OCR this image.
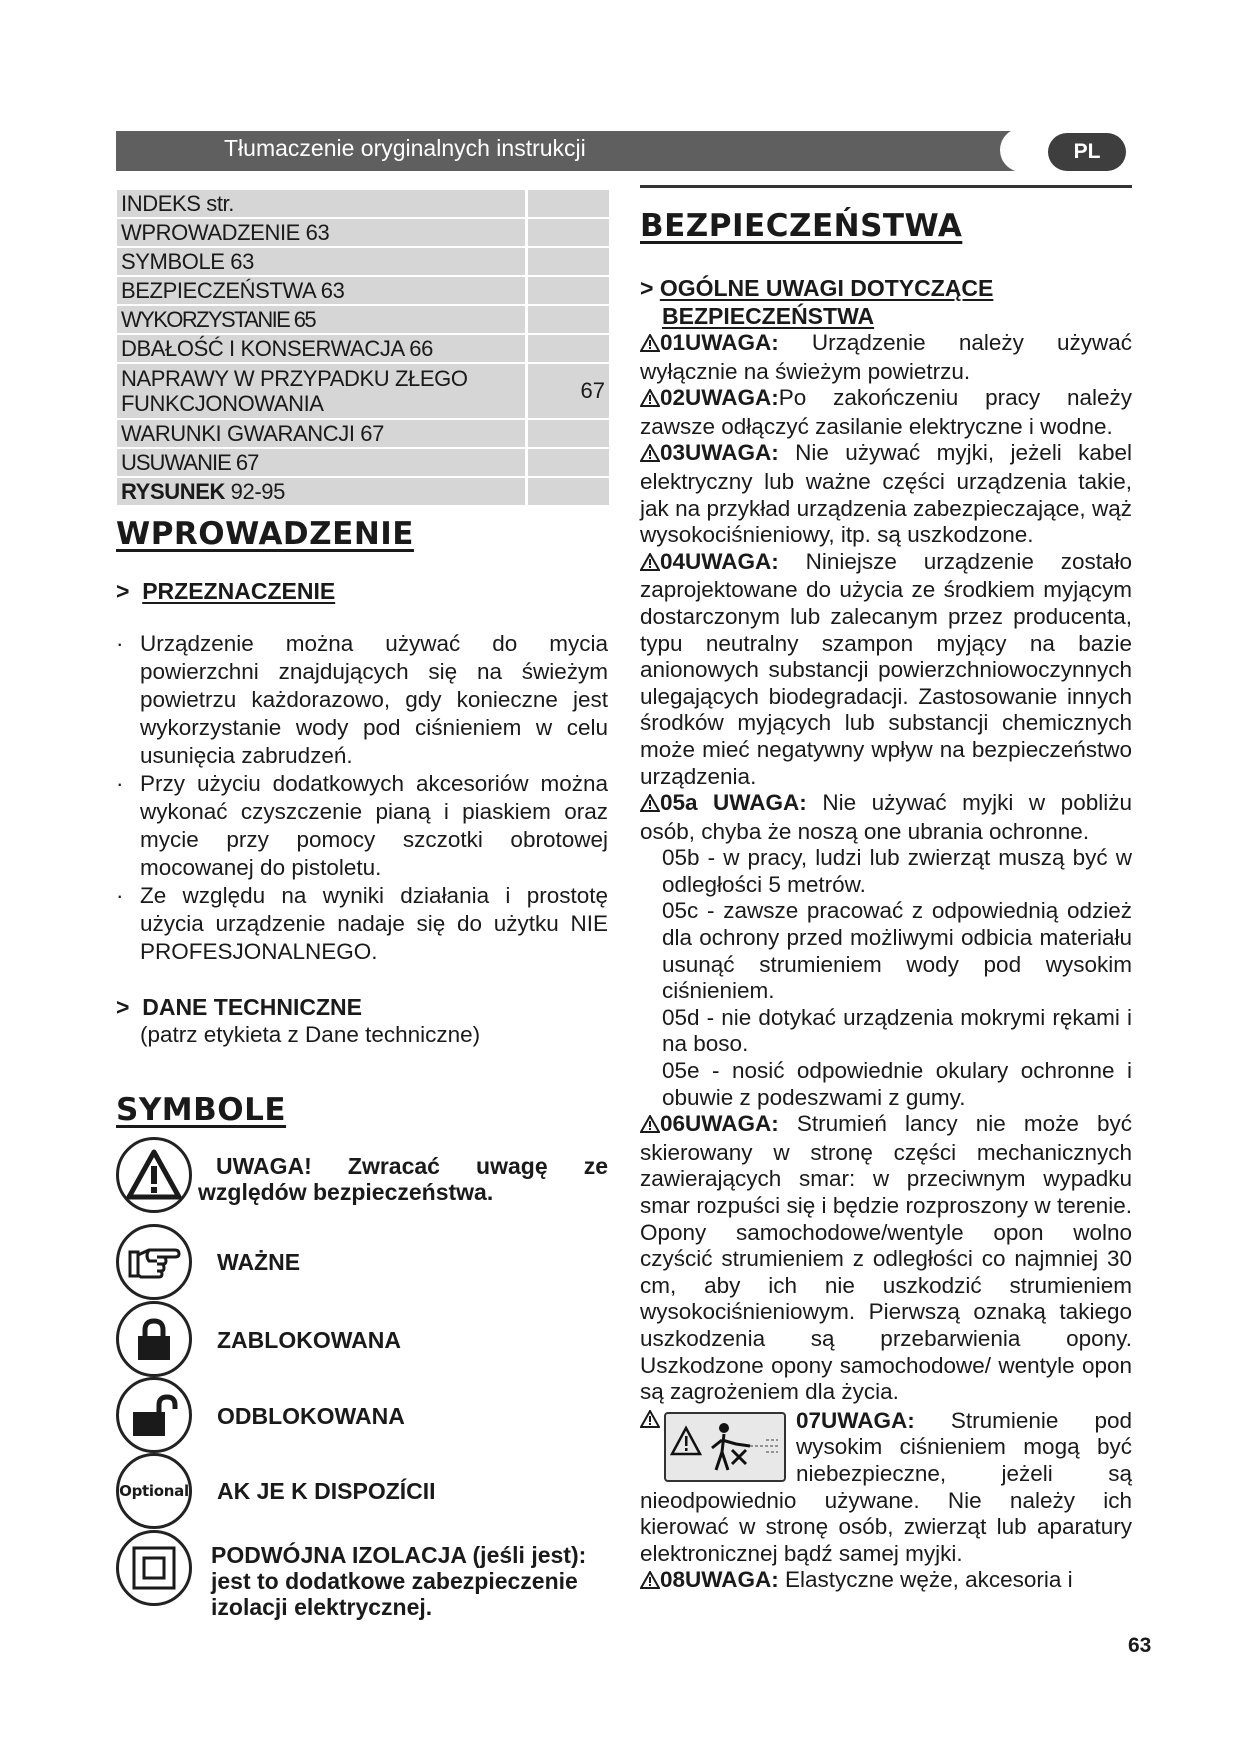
Tłumaczenie oryginalnych instrukcji	PL
INDEKS str.
WPROWADZENIE 63
SYMBOLE 63
BEZPIECZEŃSTWA 63
WYKORZYSTANIE 65
DBAŁOŚĆ I KONSERWACJA 66
NAPRAWY W PRZYPADKU ZŁEGO FUNKCJONOWANIA
67
WARUNKI GWARANCJI 67
USUWANIE 67
RYSUNEK 92-95
WPROWADZENIE
>  PRZEZNACZENIE
· Urządzenie można używać do mycia powierzchni znajdujących się na świeżym powietrzu każdorazowo, gdy konieczne jest wykorzystanie wody pod ciśnieniem w celu usunięcia zabrudzeń.
· Przy użyciu dodatkowych akcesoriów można wykonać czyszczenie pianą i piaskiem oraz mycie przy pomocy szczotki obrotowej mocowanej do pistoletu.
· Ze względu na wyniki działania i prostotę użycia urządzenie nadaje się do użytku NIE PROFESJONALNEGO.
>  DANE TECHNICZNE
(patrz etykieta z Dane techniczne)
SYMBOLE
UWAGA! Zwracać uwagę ze względów bezpieczeństwa.
WAŻNE
ZABLOKOWANA
ODBLOKOWANA
Optional AK JE K DISPOZÍCII
PODWÓJNA IZOLACJA (jeśli jest): jest to dodatkowe zabezpieczenie izolacji elektrycznej.
BEZPIECZEŃSTWA
> OGÓLNE UWAGI DOTYCZĄCE
BEZPIECZEŃSTWA

01UWAGA: Urządzenie należy używać wyłącznie na świeżym powietrzu.

02UWAGA:Po zakończeniu pracy należy zawsze odłączyć zasilanie elektryczne i wodne.

03UWAGA: Nie używać myjki, jeżeli kabel elektryczny lub ważne części urządzenia takie, jak na przykład urządzenia zabezpieczające, wąż wysokociśnieniowy, itp. są uszkodzone.

04UWAGA: Niniejsze urządzenie zostało zaprojektowane do użycia ze środkiem myjącym dostarczonym lub zalecanym przez producenta, typu neutralny szampon myjący na bazie anionowych substancji powierzchniowoczynnych ulegających biodegradacji. Zastosowanie innych środków myjących lub substancji chemicznych może mieć negatywny wpływ na bezpieczeństwo urządzenia.

05a UWAGA: Nie używać myjki w pobliżu osób, chyba że noszą one ubrania ochronne.

05b - w pracy, ludzi lub zwierząt muszą być w odległości 5 metrów.

05c - zawsze pracować z odpowiednią odzież dla ochrony przed możliwymi odbicia materiału usunąć strumieniem wody pod wysokim ciśnieniem.

05d - nie dotykać urządzenia mokrymi rękami i na boso.

05e - nosić odpowiednie okulary ochronne i obuwie z podeszwami z gumy.

06UWAGA: Strumień lancy nie może być skierowany w stronę części mechanicznych zawierających smar: w przeciwnym wypadku smar rozpuści się i będzie rozproszony w terenie. Opony samochodowe/wentyle opon wolno czyścić strumieniem z odległości co najmniej 30 cm, aby ich nie uszkodzić strumieniem wysokociśnieniowym. Pierwszą oznaką takiego uszkodzenia są przebarwienia opony. Uszkodzone opony samochodowe/ wentyle opon są zagrożeniem dla życia.

07UWAGA: Strumienie pod wysokim ciśnieniem mogą być niebezpieczne, jeżeli są nieodpowiednio używane. Nie należy ich kierować w stronę osób, zwierząt lub aparatury elektronicznej bądź samej myjki.

08UWAGA: Elastyczne węże, akcesoria i

63
